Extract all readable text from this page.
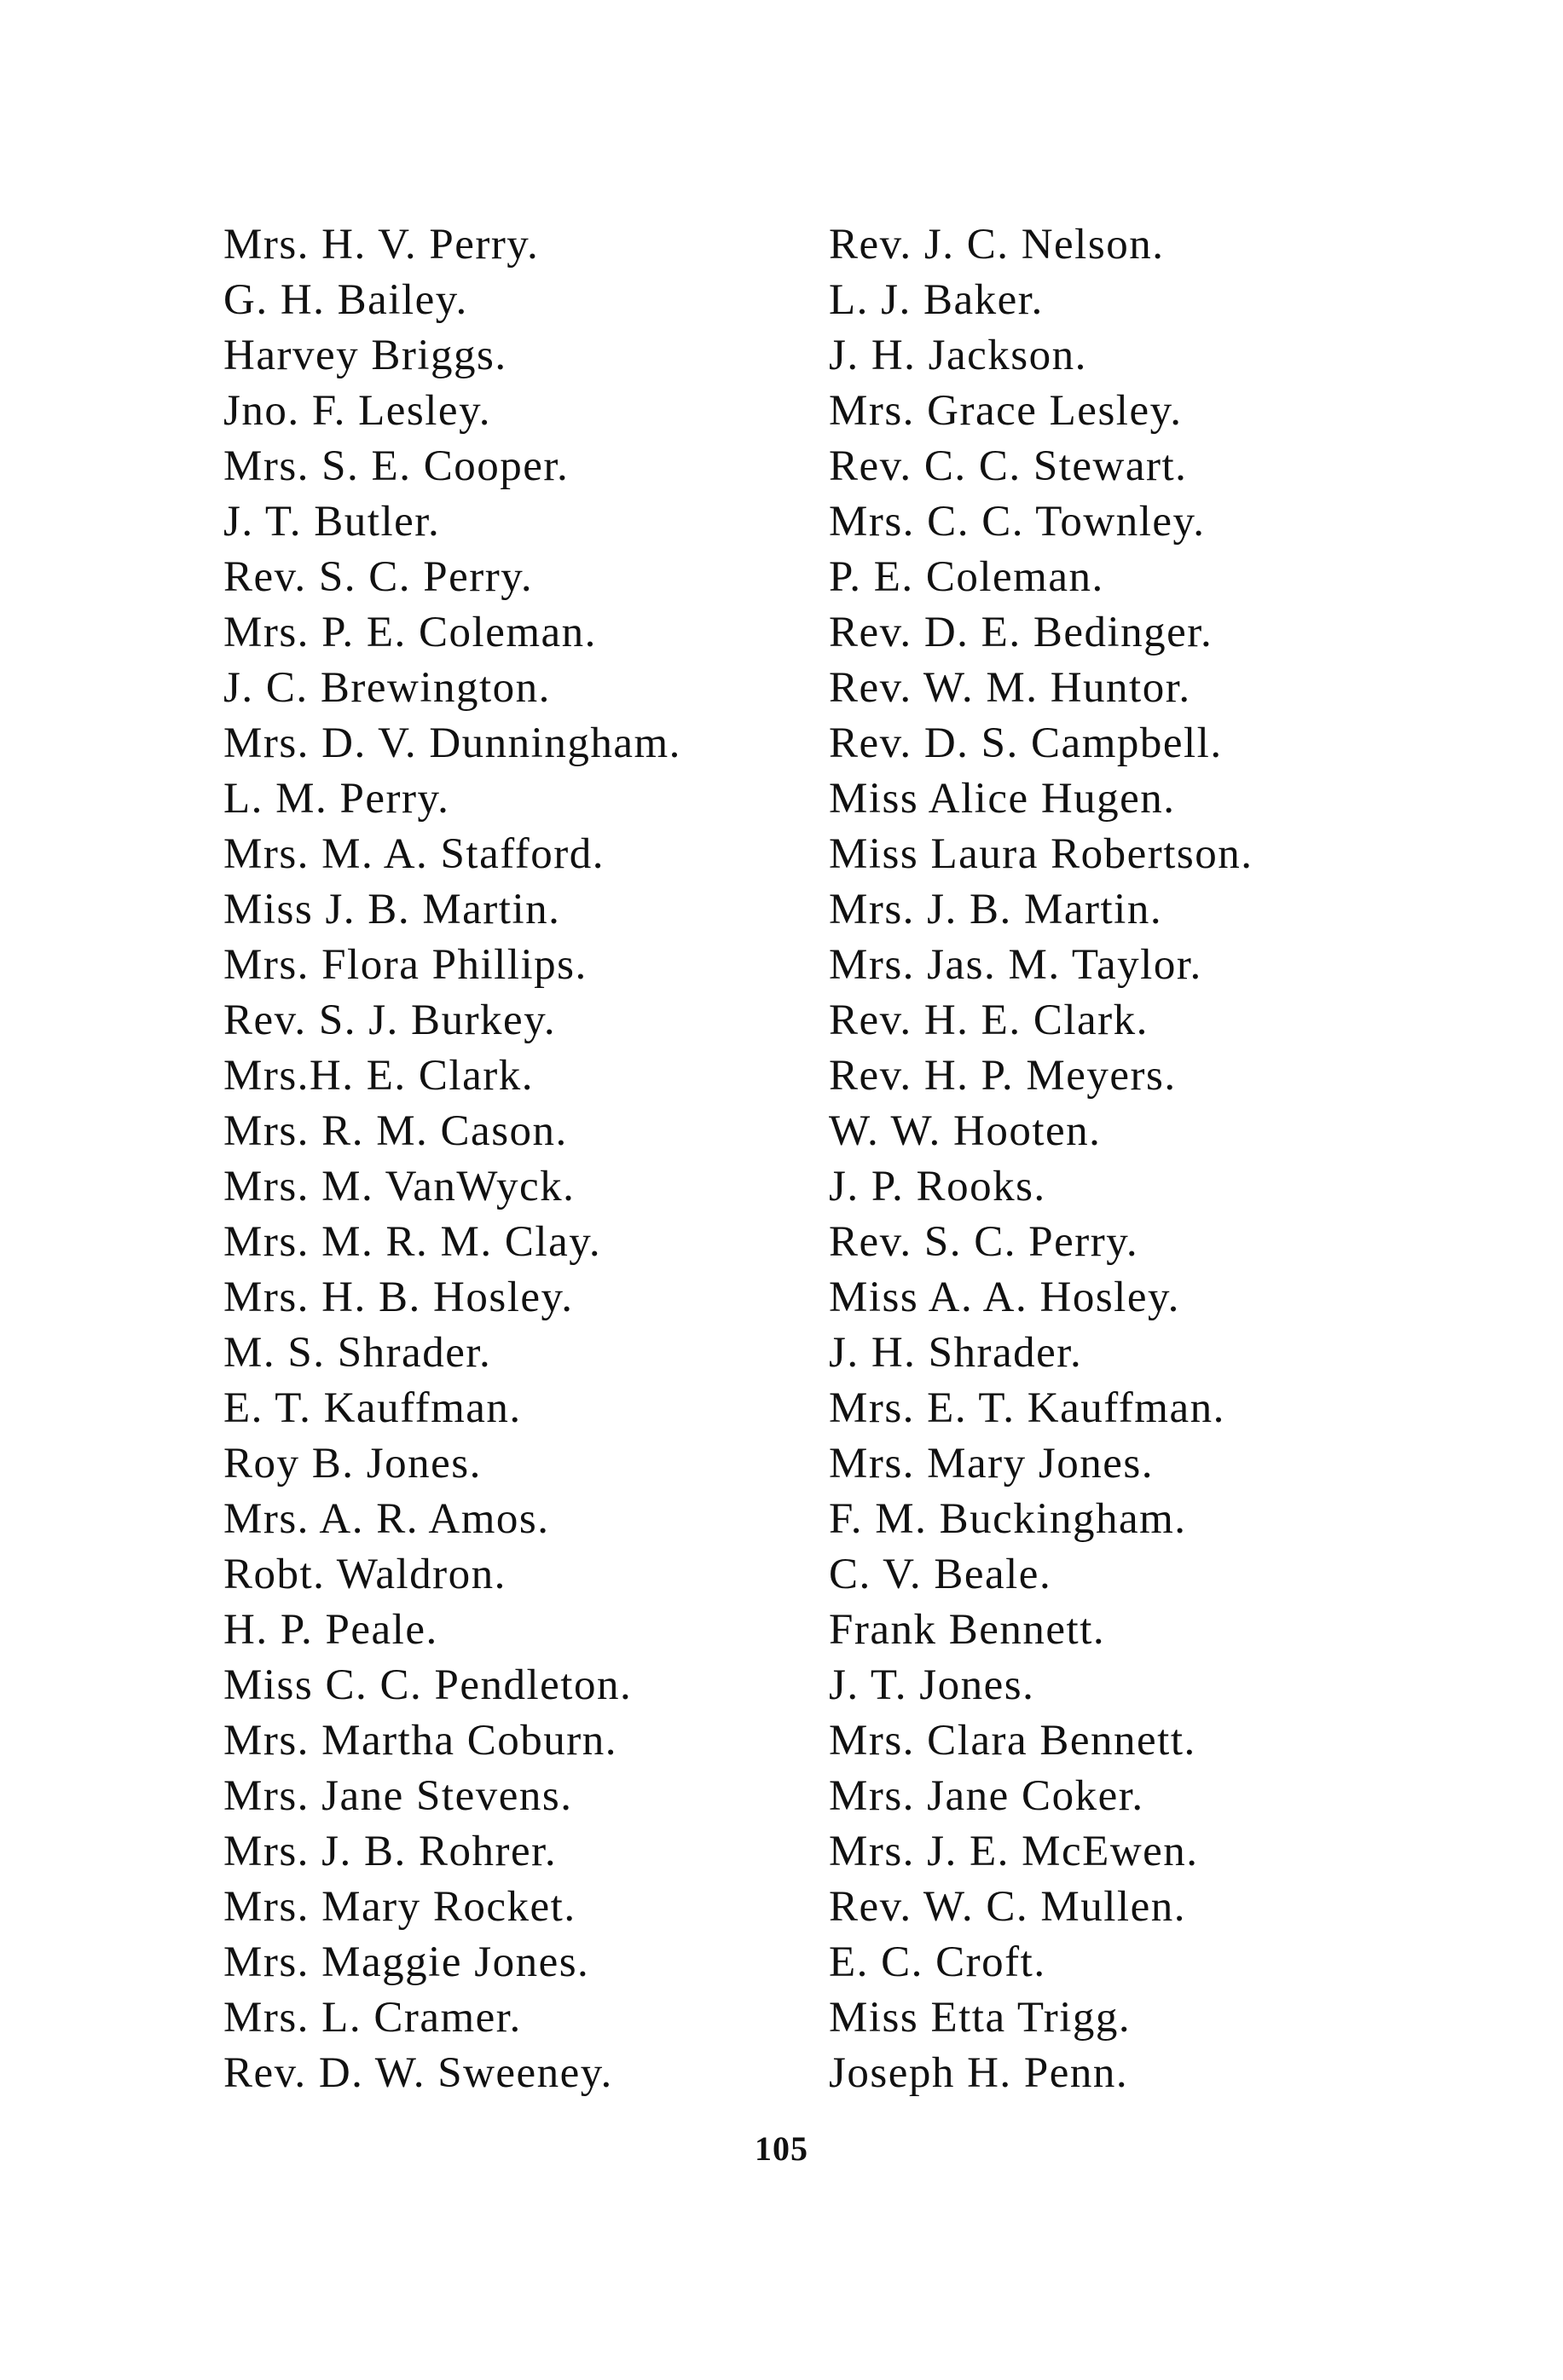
Mrs. H. V. Perry.
G. H. Bailey.
Harvey Briggs.
Jno. F. Lesley.
Mrs. S. E. Cooper.
J. T. Butler.
Rev. S. C. Perry.
Mrs. P. E. Coleman.
J. C. Brewington.
Mrs. D. V. Dunningham.
L. M. Perry.
Mrs. M. A. Stafford.
Miss J. B. Martin.
Mrs. Flora Phillips.
Rev. S. J. Burkey.
Mrs.H. E. Clark.
Mrs. R. M. Cason.
Mrs. M. VanWyck.
Mrs. M. R. M. Clay.
Mrs. H. B. Hosley.
M. S. Shrader.
E. T. Kauffman.
Roy B. Jones.
Mrs. A. R. Amos.
Robt. Waldron.
H. P. Peale.
Miss C. C. Pendleton.
Mrs. Martha Coburn.
Mrs. Jane Stevens.
Mrs. J. B. Rohrer.
Mrs. Mary Rocket.
Mrs. Maggie Jones.
Mrs. L. Cramer.
Rev. D. W. Sweeney.
Rev. J. C. Nelson.
L. J. Baker.
J. H. Jackson.
Mrs. Grace Lesley.
Rev. C. C. Stewart.
Mrs. C. C. Townley.
P. E. Coleman.
Rev. D. E. Bedinger.
Rev. W. M. Huntor.
Rev. D. S. Campbell.
Miss Alice Hugen.
Miss Laura Robertson.
Mrs. J. B. Martin.
Mrs. Jas. M. Taylor.
Rev. H. E. Clark.
Rev. H. P. Meyers.
W. W. Hooten.
J. P. Rooks.
Rev. S. C. Perry.
Miss A. A. Hosley.
J. H. Shrader.
Mrs. E. T. Kauffman.
Mrs. Mary Jones.
F. M. Buckingham.
C. V. Beale.
Frank Bennett.
J. T. Jones.
Mrs. Clara Bennett.
Mrs. Jane Coker.
Mrs. J. E. McEwen.
Rev. W. C. Mullen.
E. C. Croft.
Miss Etta Trigg.
Joseph H. Penn.
105
